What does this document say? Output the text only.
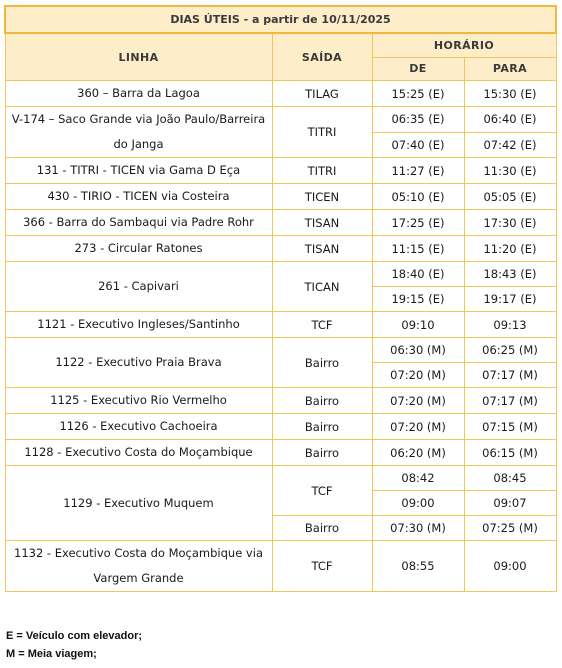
DIAS ÚTEIS - a partir de 10/11/2025			
LINHA	SAÍDA	HORÁRIO	
		DE	PARA
360 – Barra da Lagoa	TILAG	15:25 (E)	15:30 (E)
V-174 – Saco Grande via João Paulo/Barreira do Janga	TITRI	06:35 (E)	06:40 (E)
		07:40 (E)	07:42 (E)
131 - TITRI - TICEN via Gama D Eça	TITRI	11:27 (E)	11:30 (E)
430 - TIRIO - TICEN via Costeira	TICEN	05:10 (E)	05:05 (E)
366 - Barra do Sambaqui via Padre Rohr	TISAN	17:25 (E)	17:30 (E)

273 - Circular Ratones	TISAN	11:15 (E)	11:20 (E)
261 - Capivari	TICAN	18:40 (E)	18:43 (E)
		19:15 (E)	19:17 (E)
1121 - Executivo Ingleses/Santinho	TCF	09:10	09:13
1122 - Executivo Praia Brava	Bairro	06:30 (M)	06:25 (M)
		07:20 (M)	07:17 (M)
1125 - Executivo Rio Vermelho	Bairro	07:20 (M)	07:17 (M)
1126 - Executivo Cachoeira	Bairro	07:20 (M)	07:15 (M)
1128 - Executivo Costa do Moçambique	Bairro	06:20 (M)	06:15 (M)

1129 - Executivo Muquem	TCF	08:42	08:45
		09:00	09:07
	Bairro	07:30 (M)	07:25 (M)
1132 - Executivo Costa do Moçambique via Vargem Grande	TCF	08:55	09:00

E = Veículo com elevador;

M = Meia viagem;
